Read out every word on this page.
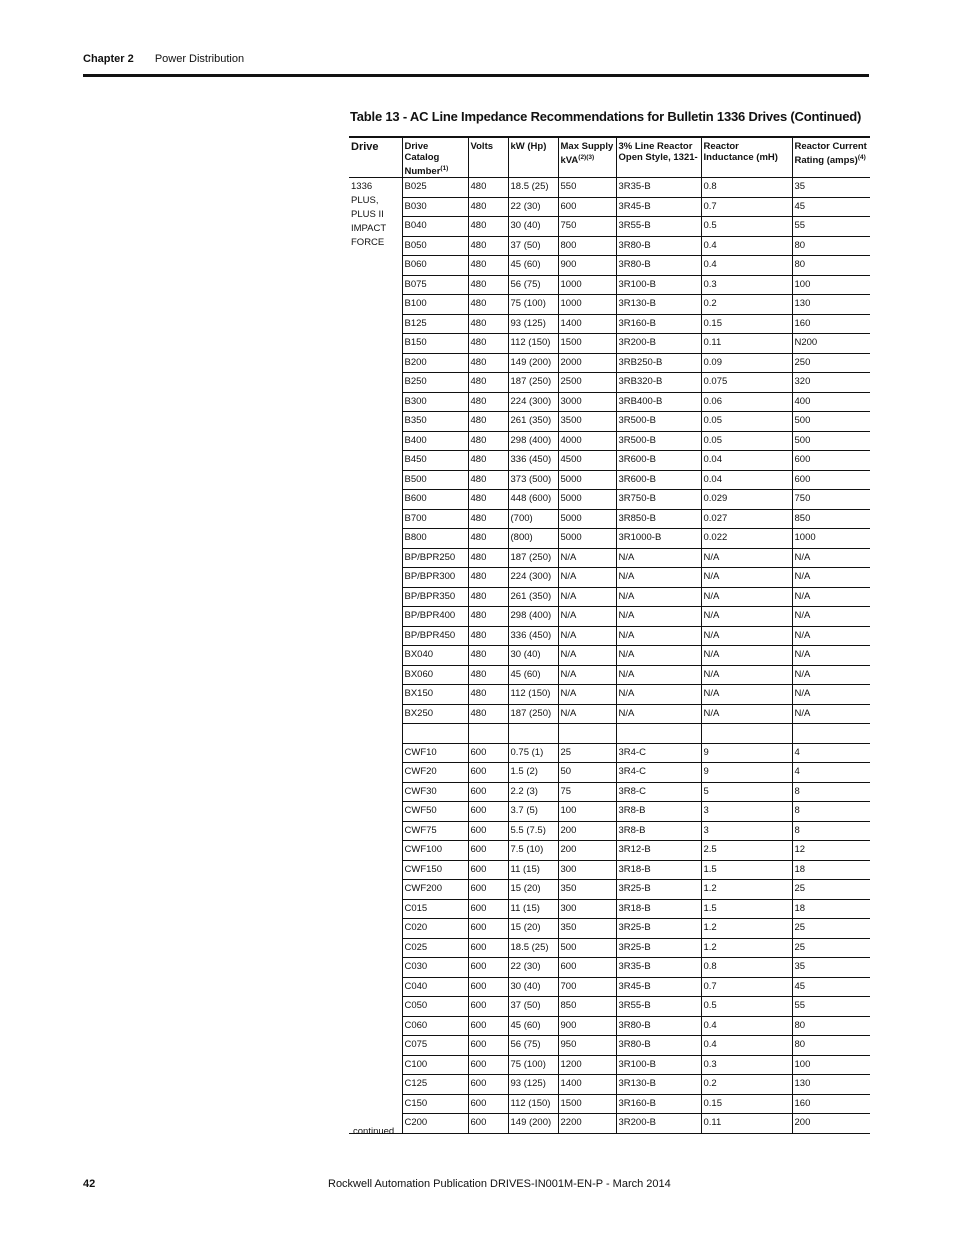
Chapter 2 Power Distribution
Table 13 - AC Line Impedance Recommendations for Bulletin 1336 Drives (Continued)
Drive	Drive Catalog Number$^{(1)}$	Volts	kW (Hp)	Max Supply kVA$^{(2)(3)}$	3% Line Reactor Open Style, 1321-	Reactor Inductance (mH)	Reactor Current Rating (amps)$^{(4)}$

1336 PLUS, PLUS II IMPACT FORCE	B025	480	18.5 (25)	550	3R35-B	0.8	35
	B030	480	22 (30)	600	3R45-B	0.7	45
	B040	480	30 (40)	750	3R55-B	0.5	55
	B050	480	37 (50)	800	3R80-B	0.4	80
	B060	480	45 (60)	900	3R80-B	0.4	80
	B075	480	56 (75)	1000	3R100-B	0.3	100
	B100	480	75 (100)	1000	3R130-B	0.2	130
	B125	480	93 (125)	1400	3R160-B	0.15	160
	B150	480	112 (150)	1500	3R200-B	0.11	N200
	B200	480	149 (200)	2000	3RB250-B	0.09	250
	B250	480	187 (250)	2500	3RB320-B	0.075	320
	B300	480	224 (300)	3000	3RB400-B	0.06	400
	B350	480	261 (350)	3500	3R500-B	0.05	500
	B400	480	298 (400)	4000	3R500-B	0.05	500
	B450	480	336 (450)	4500	3R600-B	0.04	600
	B500	480	373 (500)	5000	3R600-B	0.04	600
	B600	480	448 (600)	5000	3R750-B	0.029	750
	B700	480	(700)	5000	3R850-B	0.027	850
	B800	480	(800)	5000	3R1000-B	0.022	1000
	BP/BPR250	480	187 (250)	N/A	N/A	N/A	N/A
	BP/BPR300	480	224 (300)	N/A	N/A	N/A	N/A
	BP/BPR350	480	261 (350)	N/A	N/A	N/A	N/A
	BP/BPR400	480	298 (400)	N/A	N/A	N/A	N/A
	BP/BPR450	480	336 (450)	N/A	N/A	N/A	N/A
	BX040	480	30 (40)	N/A	N/A	N/A	N/A
	BX060	480	45 (60)	N/A	N/A	N/A	N/A
	BX150	480	112 (150)	N/A	N/A	N/A	N/A
	BX250	480	187 (250)	N/A	N/A	N/A	N/A

	CWF10	600	0.75 (1)	25	3R4-C	9	4
	CWF20	600	1.5 (2)	50	3R4-C	9	4
	CWF30	600	2.2 (3)	75	3R8-C	5	8
	CWF50	600	3.7 (5)	100	3R8-B	3	8
	CWF75	600	5.5 (7.5)	200	3R8-B	3	8
	CWF100	600	7.5 (10)	200	3R12-B	2.5	12
	CWF150	600	11 (15)	300	3R18-B	1.5	18
	CWF200	600	15 (20)	350	3R25-B	1.2	25
	C015	600	11 (15)	300	3R18-B	1.5	18
	C020	600	15 (20)	350	3R25-B	1.2	25
	C025	600	18.5 (25)	500	3R25-B	1.2	25
	C030	600	22 (30)	600	3R35-B	0.8	35
	C040	600	30 (40)	700	3R45-B	0.7	45
	C050	600	37 (50)	850	3R55-B	0.5	55
	C060	600	45 (60)	900	3R80-B	0.4	80
	C075	600	56 (75)	950	3R80-B	0.4	80
	C100	600	75 (100)	1200	3R100-B	0.3	100
	C125	600	93 (125)	1400	3R130-B	0.2	130
	C150	600	112 (150)	1500	3R160-B	0.15	160
	C200	600	149 (200)	2200	3R200-B	0.11	200
continued
42	Rockwell Automation Publication DRIVES-IN001M-EN-P - March 2014
